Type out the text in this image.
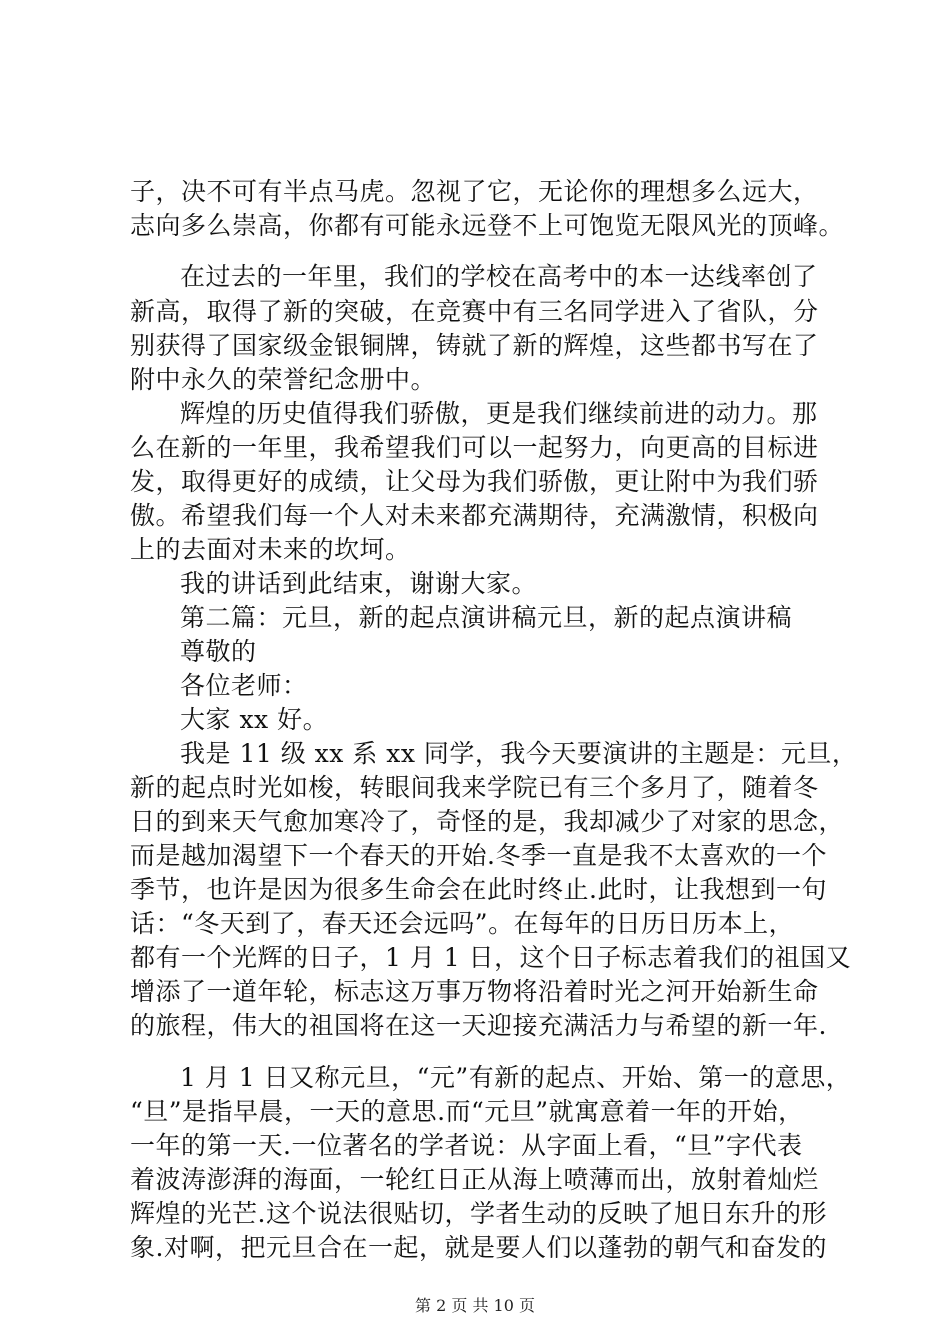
子，决不可有半点马虎。忽视了它，无论你的理想多么远大，
志向多么崇高，你都有可能永远登不上可饱览无限风光的顶峰。
在过去的一年里，我们的学校在高考中的本一达线率创了
新高，取得了新的突破，在竞赛中有三名同学进入了省队，分
别获得了国家级金银铜牌，铸就了新的辉煌，这些都书写在了
附中永久的荣誉纪念册中。
辉煌的历史值得我们骄傲，更是我们继续前进的动力。那
么在新的一年里，我希望我们可以一起努力，向更高的目标进
发，取得更好的成绩，让父母为我们骄傲，更让附中为我们骄
傲。希望我们每一个人对未来都充满期待，充满激情，积极向
上的去面对未来的坎坷。
我的讲话到此结束，谢谢大家。
第二篇：元旦，新的起点演讲稿元旦，新的起点演讲稿
尊敬的
各位老师：
大家 xx 好。
我是 11 级 xx 系 xx 同学，我今天要演讲的主题是：元旦，
新的起点时光如梭，转眼间我来学院已有三个多月了，随着冬
日的到来天气愈加寒冷了，奇怪的是，我却减少了对家的思念，
而是越加渴望下一个春天的开始.冬季一直是我不太喜欢的一个
季节，也许是因为很多生命会在此时终止.此时，让我想到一句
话：“冬天到了，春天还会远吗”。在每年的日历日历本上，
都有一个光辉的日子，1 月 1 日，这个日子标志着我们的祖国又
增添了一道年轮，标志这万事万物将沿着时光之河开始新生命
的旅程，伟大的祖国将在这一天迎接充满活力与希望的新一年.
1 月 1 日又称元旦，“元”有新的起点、开始、第一的意思，
“旦”是指早晨，一天的意思.而“元旦”就寓意着一年的开始，
一年的第一天.一位著名的学者说：从字面上看，“旦”字代表
着波涛澎湃的海面，一轮红日正从海上喷薄而出，放射着灿烂
辉煌的光芒.这个说法很贴切，学者生动的反映了旭日东升的形
象.对啊，把元旦合在一起，就是要人们以蓬勃的朝气和奋发的
第 2 页 共 10 页
